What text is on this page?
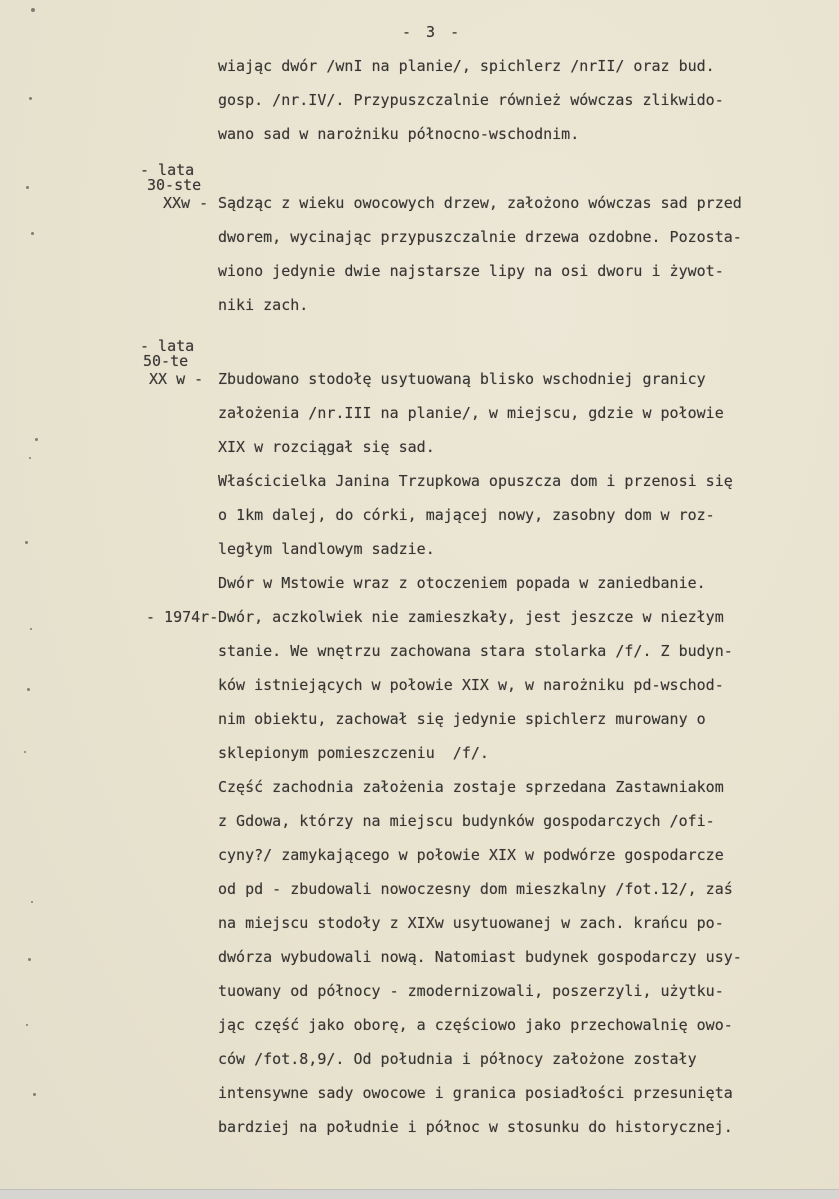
- 3 -
wiając dwór /wnI na planie/, spichlerz /nrII/ oraz bud.
gosp. /nr.IV/. Przypuszczalnie również wówczas zlikwido-
wano sad w narożniku północno-wschodnim.
- lata
30-ste
XXw - Sądząc z wieku owocowych drzew, założono wówczas sad przed
dworem, wycinając przypuszczalnie drzewa ozdobne. Pozosta-
wiono jedynie dwie najstarsze lipy na osi dworu i żywot-
niki zach.
- lata
50-te
XX w - Zbudowano stodołę usytuowaną blisko wschodniej granicy
założenia /nr.III na planie/, w miejscu, gdzie w połowie
XIX w rozciągał się sad.
Właścicielka Janina Trzupkowa opuszcza dom i przenosi się
o 1km dalej, do córki, mającej nowy, zasobny dom w roz-
ległym landlowym sadzie.
Dwór w Mstowie wraz z otoczeniem popada w zaniedbanie.
- 1974r- Dwór, aczkolwiek nie zamieszkały, jest jeszcze w niezłym
stanie. We wnętrzu zachowana stara stolarka /f/. Z budyn-
ków istniejących w połowie XIX w, w narożniku pd-wschod-
nim obiektu, zachował się jedynie spichlerz murowany o
sklepionym pomieszczeniu  /f/.
Część zachodnia założenia zostaje sprzedana Zastawniakom
z Gdowa, którzy na miejscu budynków gospodarczych /ofi-
cyny?/ zamykającego w połowie XIX w podwórze gospodarcze
od pd - zbudowali nowoczesny dom mieszkalny /fot.12/, zaś
na miejscu stodoły z XIXw usytuowanej w zach. krańcu po-
dwórza wybudowali nową. Natomiast budynek gospodarczy usy-
tuowany od północy - zmodernizowali, poszerzyli, użytku-
jąc część jako oborę, a częściowo jako przechowalnię owo-
ców /fot.8,9/. Od południa i północy założone zostały
intensywne sady owocowe i granica posiadłości przesunięta
bardziej na południe i północ w stosunku do historycznej.
